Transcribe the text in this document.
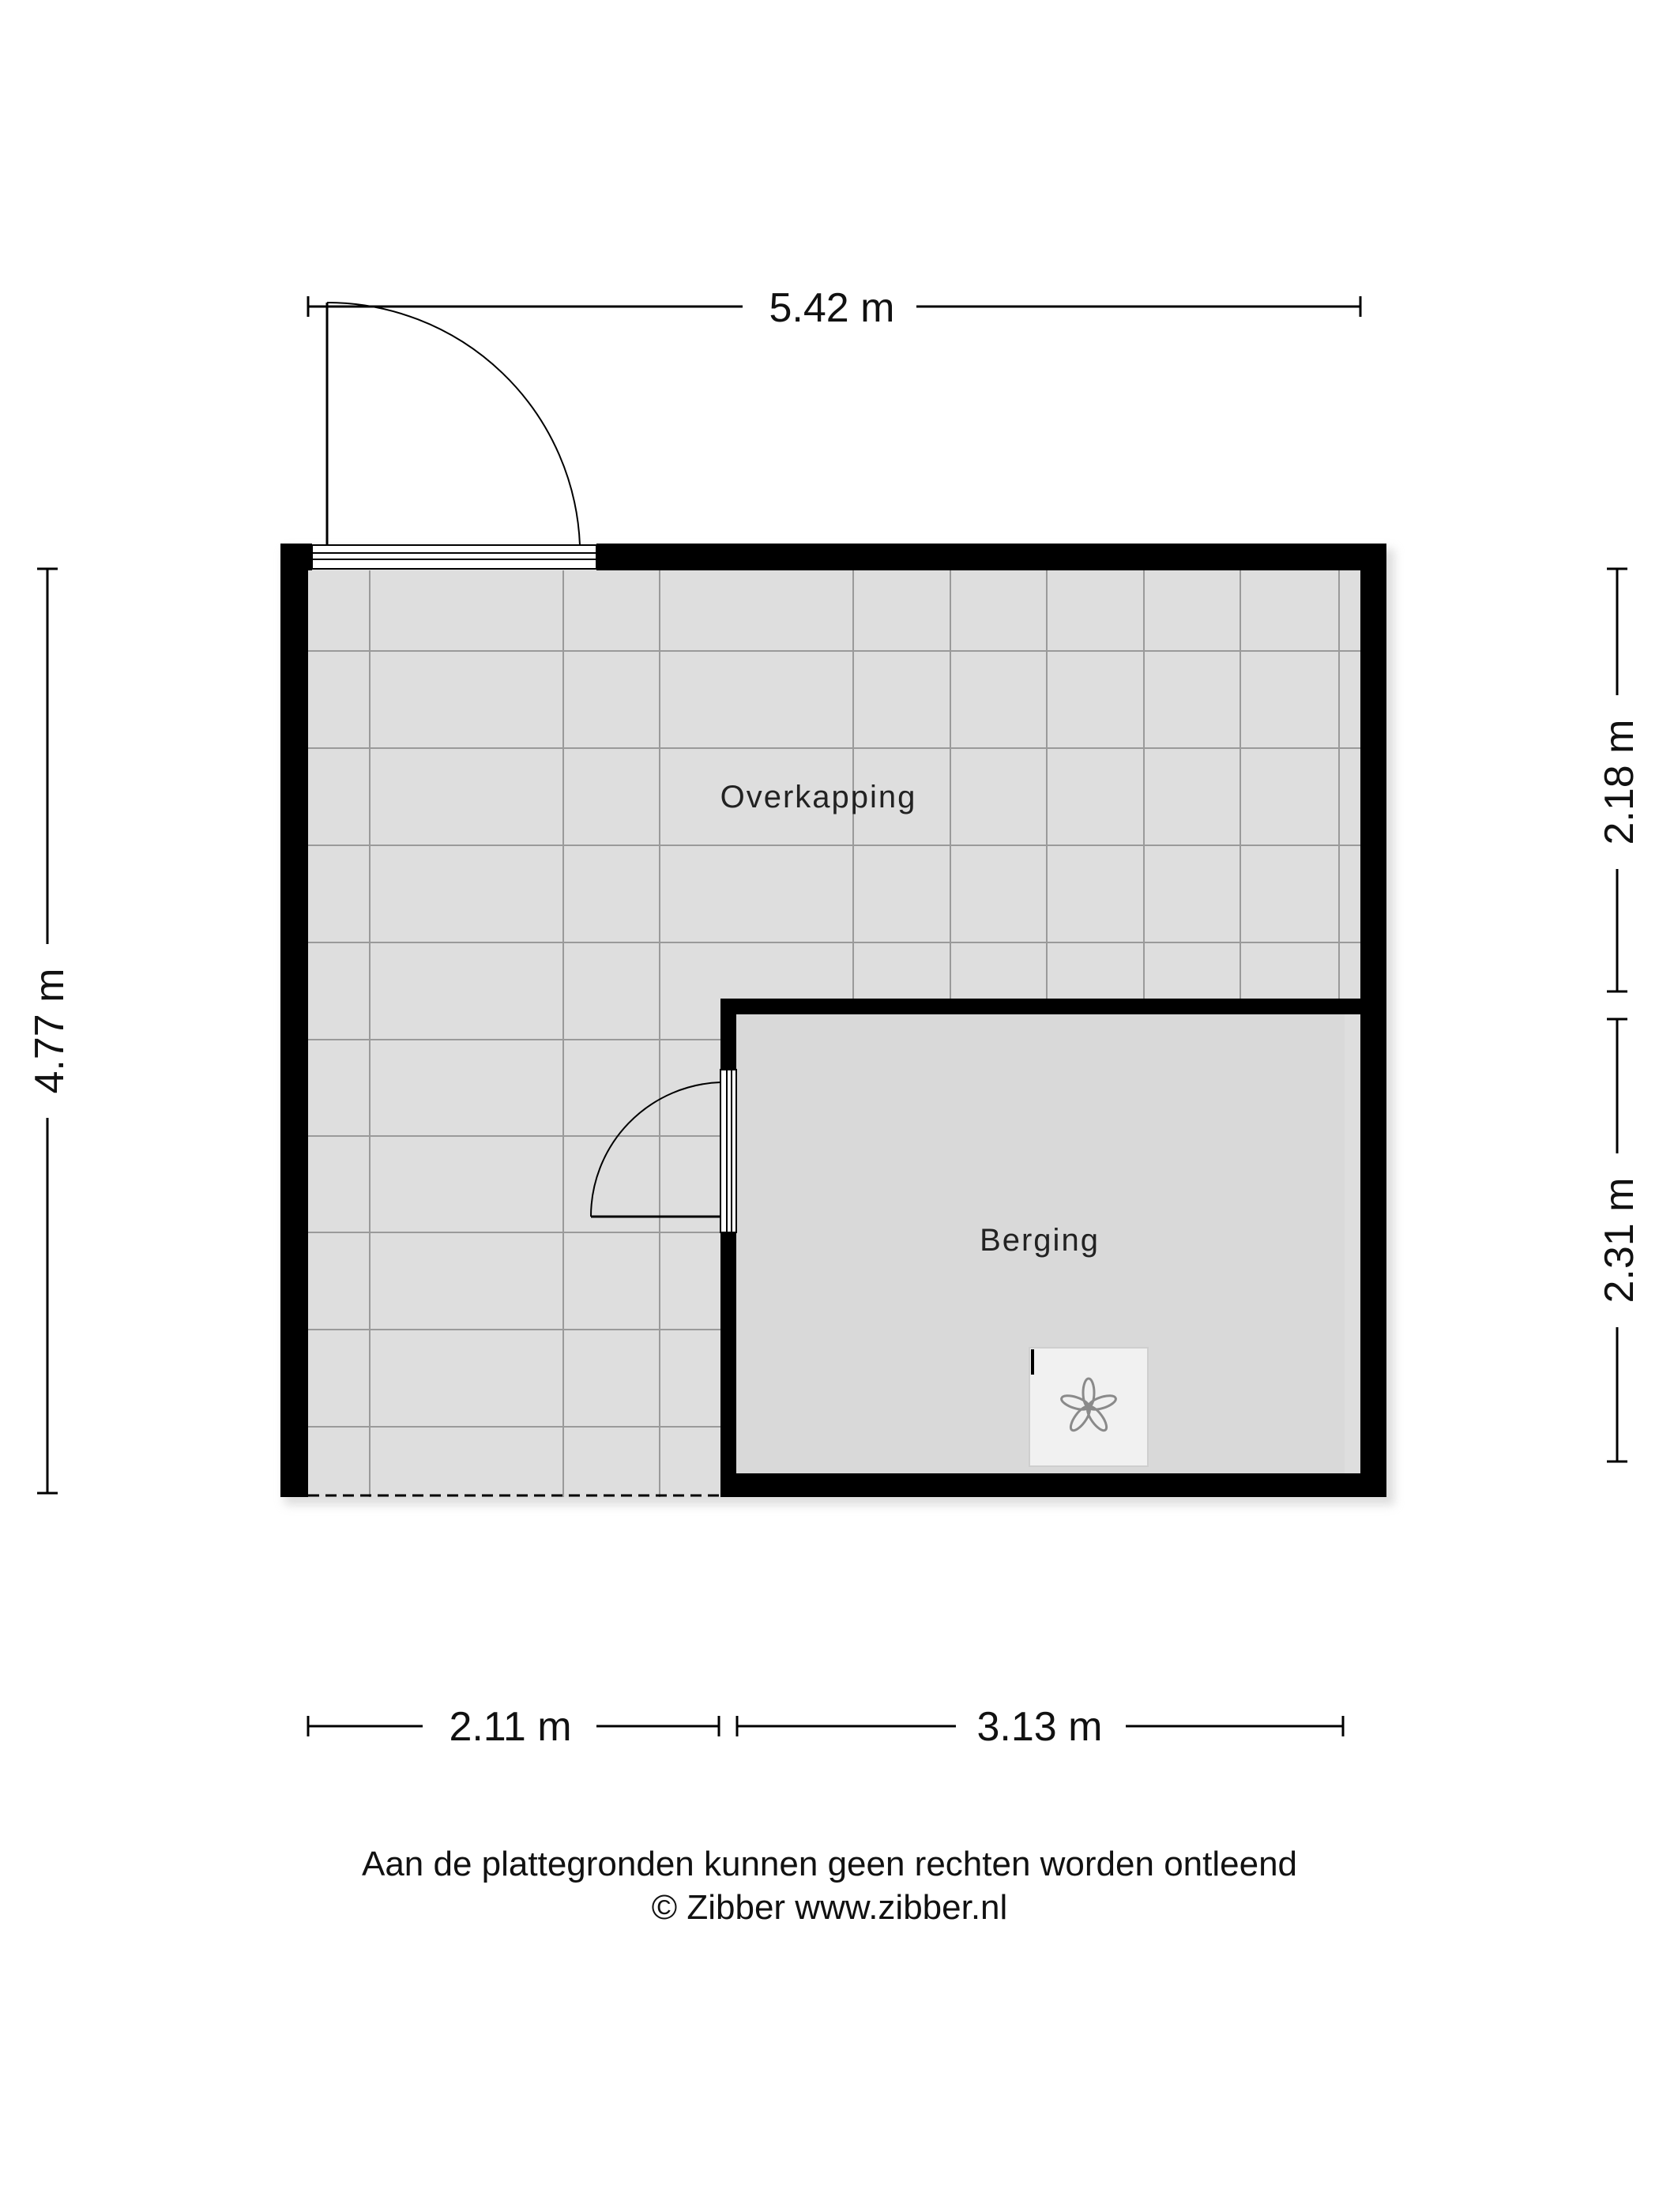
Overkapping
Berging
5.42 m
4.77 m
2.18 m
2.31 m
2.11 m	3.13 m
Aan de plattegronden kunnen geen rechten worden ontleend
© Zibber www.zibber.nl
